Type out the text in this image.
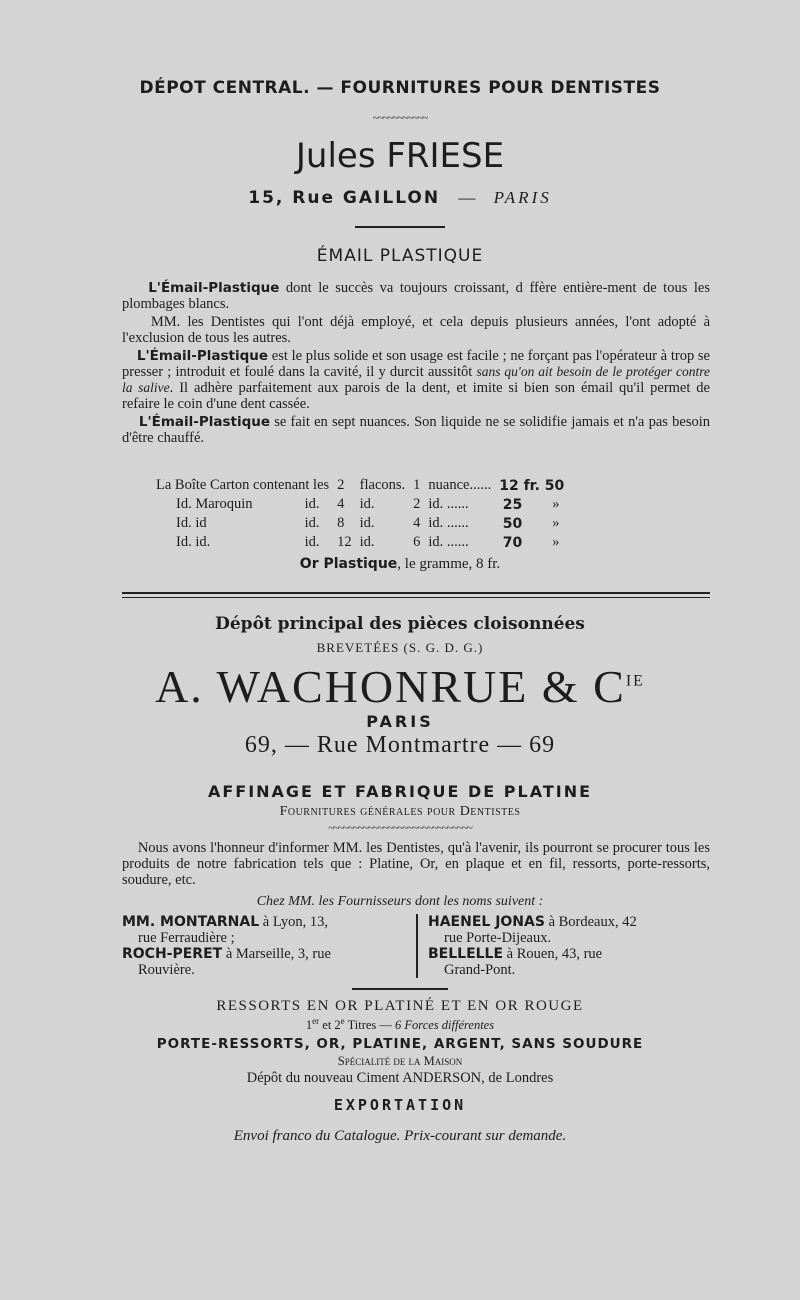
DÉPOT CENTRAL. — FOURNITURES POUR DENTISTES
~~~~~~~~~~~
Jules FRIESE
15, Rue GAILLON — PARIS
ÉMAIL PLASTIQUE

L'Émail-Plastique dont le succès va toujours croissant, d ffère entière-ment de tous les plombages blancs.

MM. les Dentistes qui l'ont déjà employé, et cela depuis plusieurs années, l'ont adopté à l'exclusion de tous les autres.

L'Émail-Plastique est le plus solide et son usage est facile ; ne forçant pas l'opérateur à trop se presser ; introduit et foulé dans la cavité, il y durcit aussitôt sans qu'on ait besoin de le protéger contre la salive. Il adhère parfaitement aux parois de la dent, et imite si bien son émail qu'il permet de refaire le coin d'une dent cassée.

L'Émail-Plastique se fait en sept nuances. Son liquide ne se solidifie jamais et n'a pas besoin d'être chauffé.

La Boîte Carton contenant les		2	flacons.	1	nuance......	12 fr. 50	
Id. Maroquin	id.	4	id.	2	id. ......	25	»
Id. id	id.	8	id.	4	id. ......	50	»
Id. id.	id.	12	id.	6	id. ......	70	»
Or Plastique, le gramme, 8 fr.
Dépôt principal des pièces cloisonnées
BREVETÉES (S. G. D. G.)
A. WACHONRUE & $C^{IE}$
PARIS
69, — Rue Montmartre — 69
AFFINAGE ET FABRIQUE DE PLATINE
Fournitures générales pour Dentistes
~~~~~~~~~~~~~~~~~~~~~~~~~~~~~

Nous avons l'honneur d'informer MM. les Dentistes, qu'à l'avenir, ils pourront se procurer tous les produits de notre fabrication tels que : Platine, Or, en plaque et en fil, ressorts, porte-ressorts, soudure, etc.

Chez MM. les Fournisseurs dont les noms suivent :
MM. MONTARNAL à Lyon, 13,
rue Ferraudière ;
ROCH-PERET à Marseille, 3, rue
Rouvière.
HAENEL JONAS à Bordeaux, 42
rue Porte-Dijeaux.
BELLELLE à Rouen, 43, rue
Grand-Pont.
RESSORTS EN OR PLATINÉ ET EN OR ROUGE
1er et 2e Titres — 6 Forces différentes
PORTE-RESSORTS, OR, PLATINE, ARGENT, SANS SOUDURE
Spécialité de la Maison
Dépôt du nouveau Ciment ANDERSON, de Londres
EXPORTATION
Envoi franco du Catalogue. Prix-courant sur demande.
